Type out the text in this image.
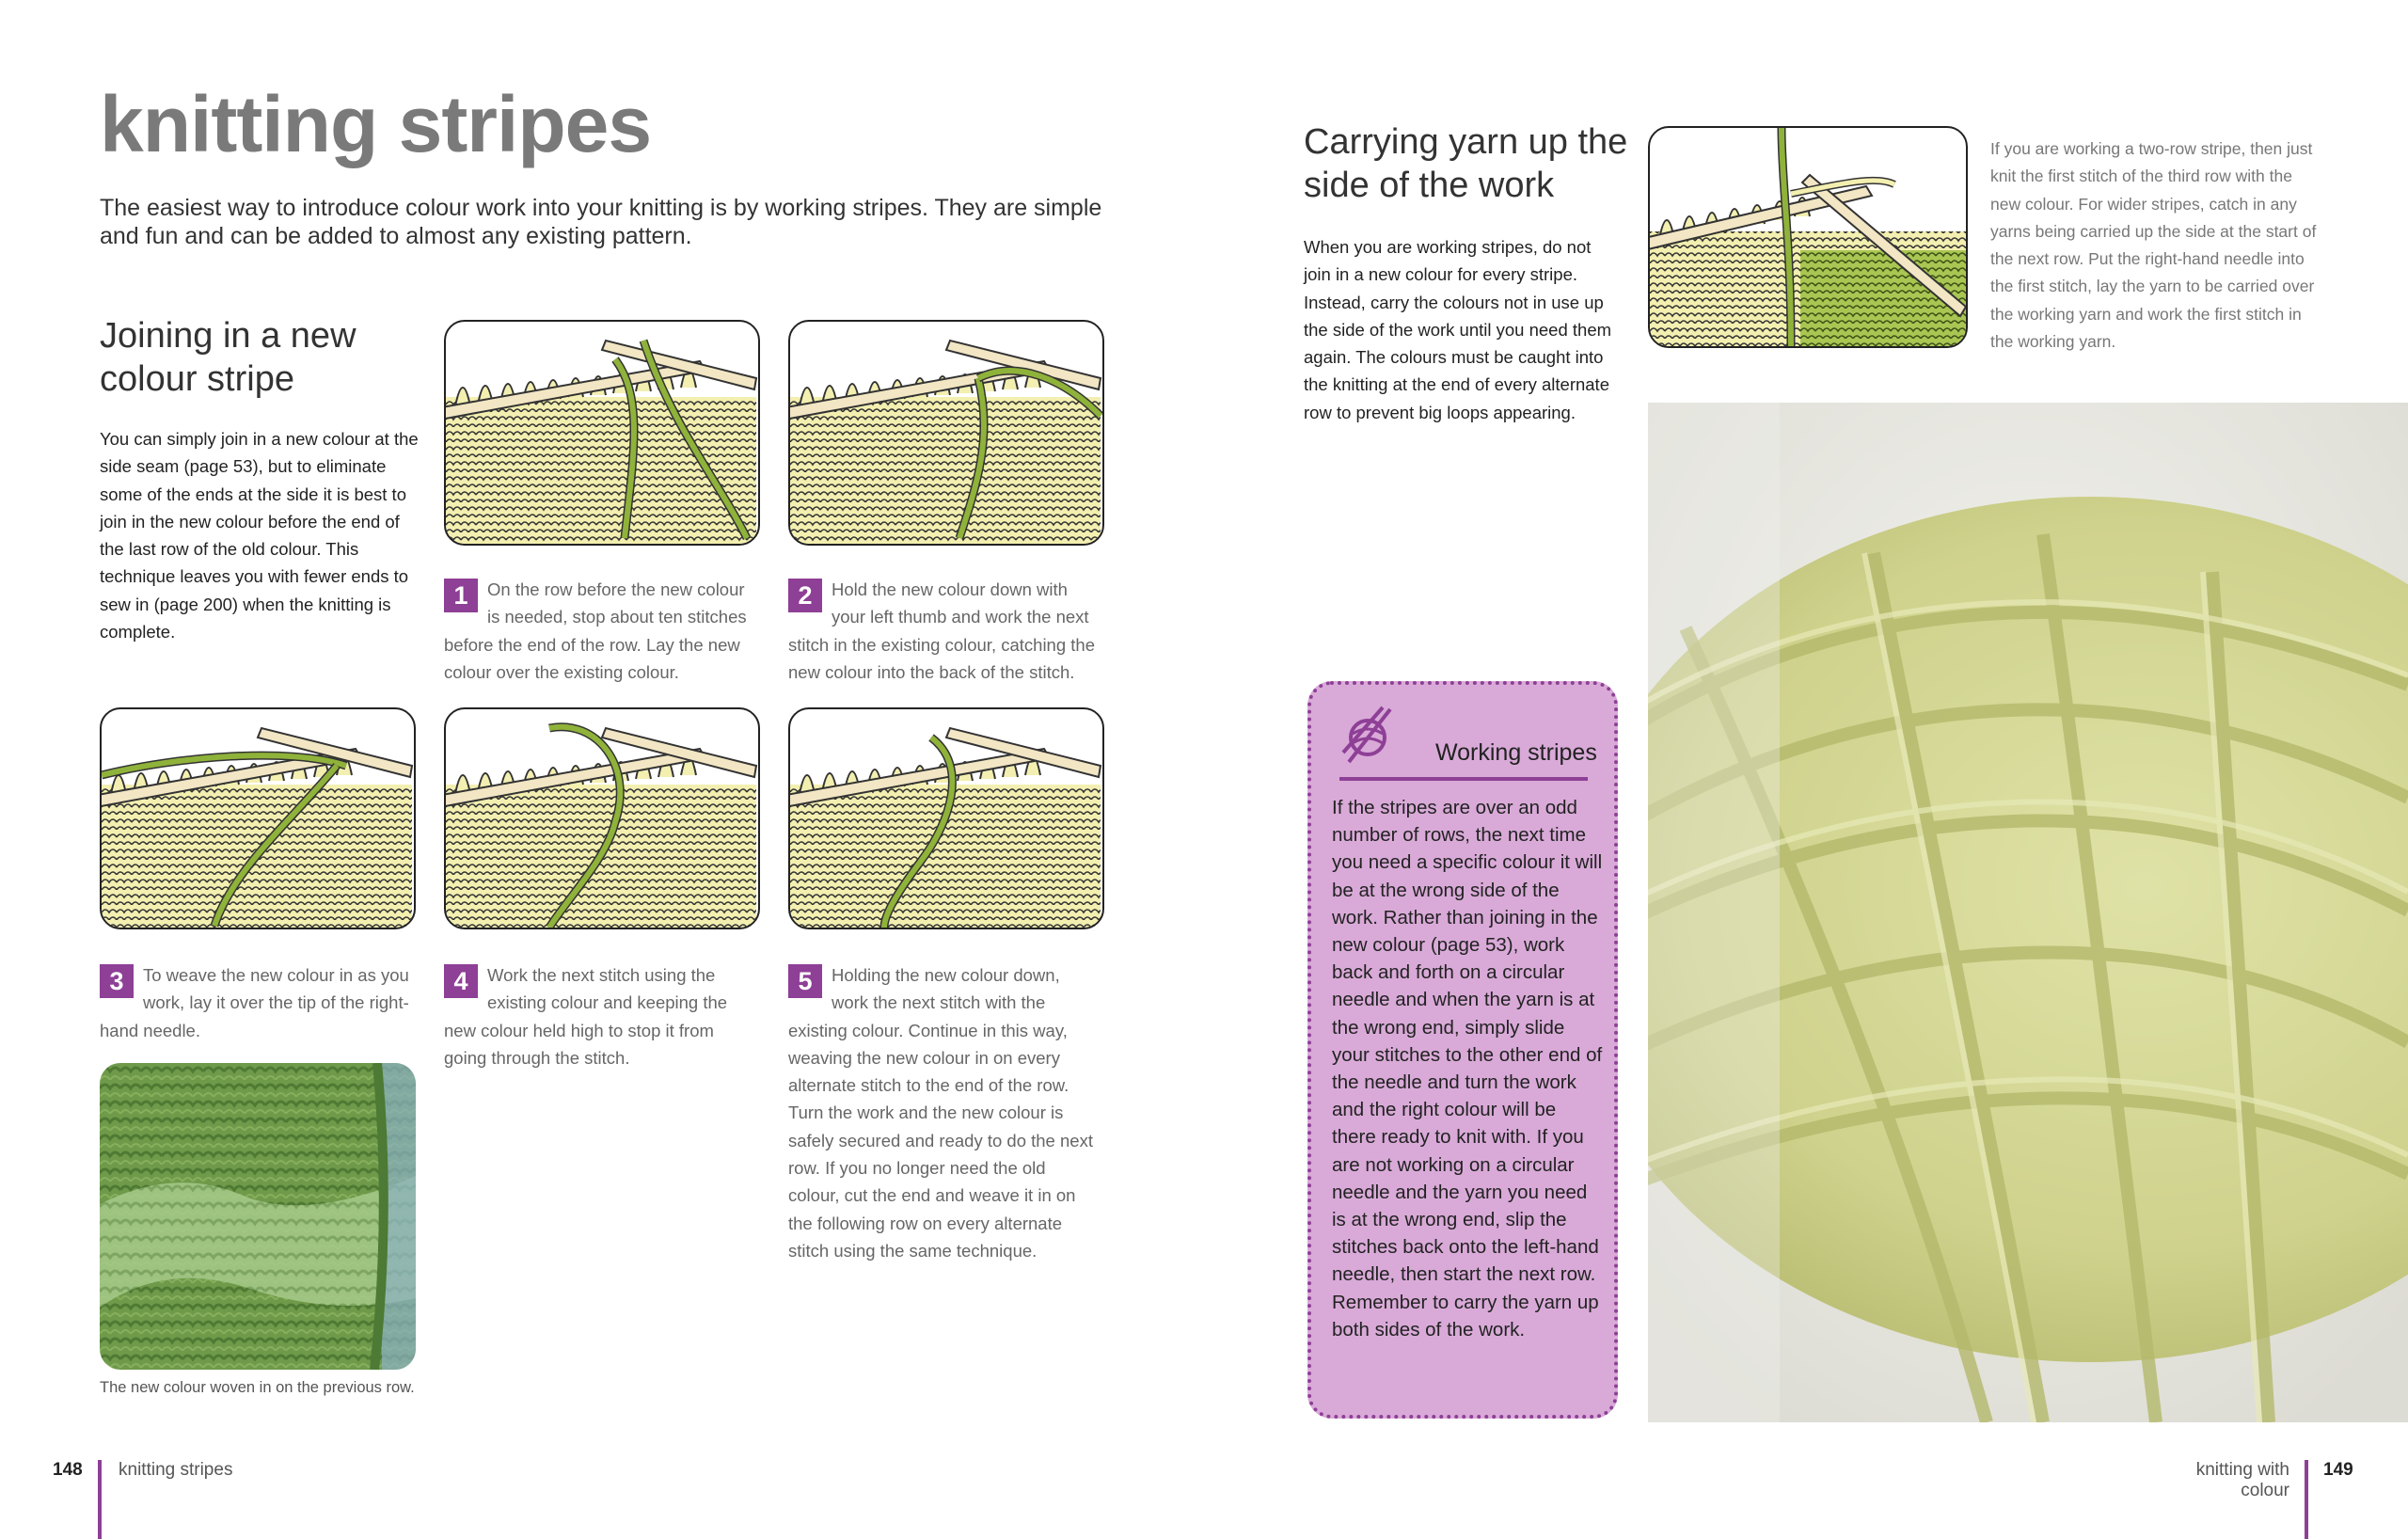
knitting stripes
The easiest way to introduce colour work into your knitting is by working stripes. They are simple and fun and can be added to almost any existing pattern.
Joining in a new
colour stripe
You can simply join in a new colour at the side seam (page 53), but to eliminate some of the ends at the side it is best to join in the new colour before the end of the last row of the old colour. This technique leaves you with fewer ends to sew in (page 200) when the knitting is complete.
1	On the row before the new colour is needed, stop about ten stitches before the end of the row. Lay the new colour over the existing colour.
2	Hold the new colour down with your left thumb and work the next stitch in the existing colour, catching the new colour into the back of the stitch.
3	To weave the new colour in as you work, lay it over the tip of the right-hand needle.
4	Work the next stitch using the existing colour and keeping the new colour held high to stop it from going through the stitch.
5	Holding the new colour down, work the next stitch with the existing colour. Continue in this way, weaving the new colour in on every alternate stitch to the end of the row. Turn the work and the new colour is safely secured and ready to do the next row. If you no longer need the old colour, cut the end and weave it in on the following row on every alternate stitch using the same technique.
The new colour woven in on the previous row.
148 knitting stripes
Carrying yarn up the
side of the work
When you are working stripes, do not join in a new colour for every stripe. Instead, carry the colours not in use up the side of the work until you need them again. The colours must be caught into the knitting at the end of every alternate row to prevent big loops appearing.
If you are working a two-row stripe, then just knit the first stitch of the third row with the new colour. For wider stripes, catch in any yarns being carried up the side at the start of the next row. Put the right-hand needle into the first stitch, lay the yarn to be carried over the working yarn and work the first stitch in the working yarn.
Working stripes
If the stripes are over an odd number of rows, the next time you need a specific colour it will be at the wrong side of the work. Rather than joining in the new colour (page 53), work back and forth on a circular needle and when the yarn is at the wrong end, simply slide your stitches to the other end of the needle and turn the work and the right colour will be there ready to knit with. If you are not working on a circular needle and the yarn you need is at the wrong end, slip the stitches back onto the left-hand needle, then start the next row. Remember to carry the yarn up both sides of the work.
knitting with colour
149
